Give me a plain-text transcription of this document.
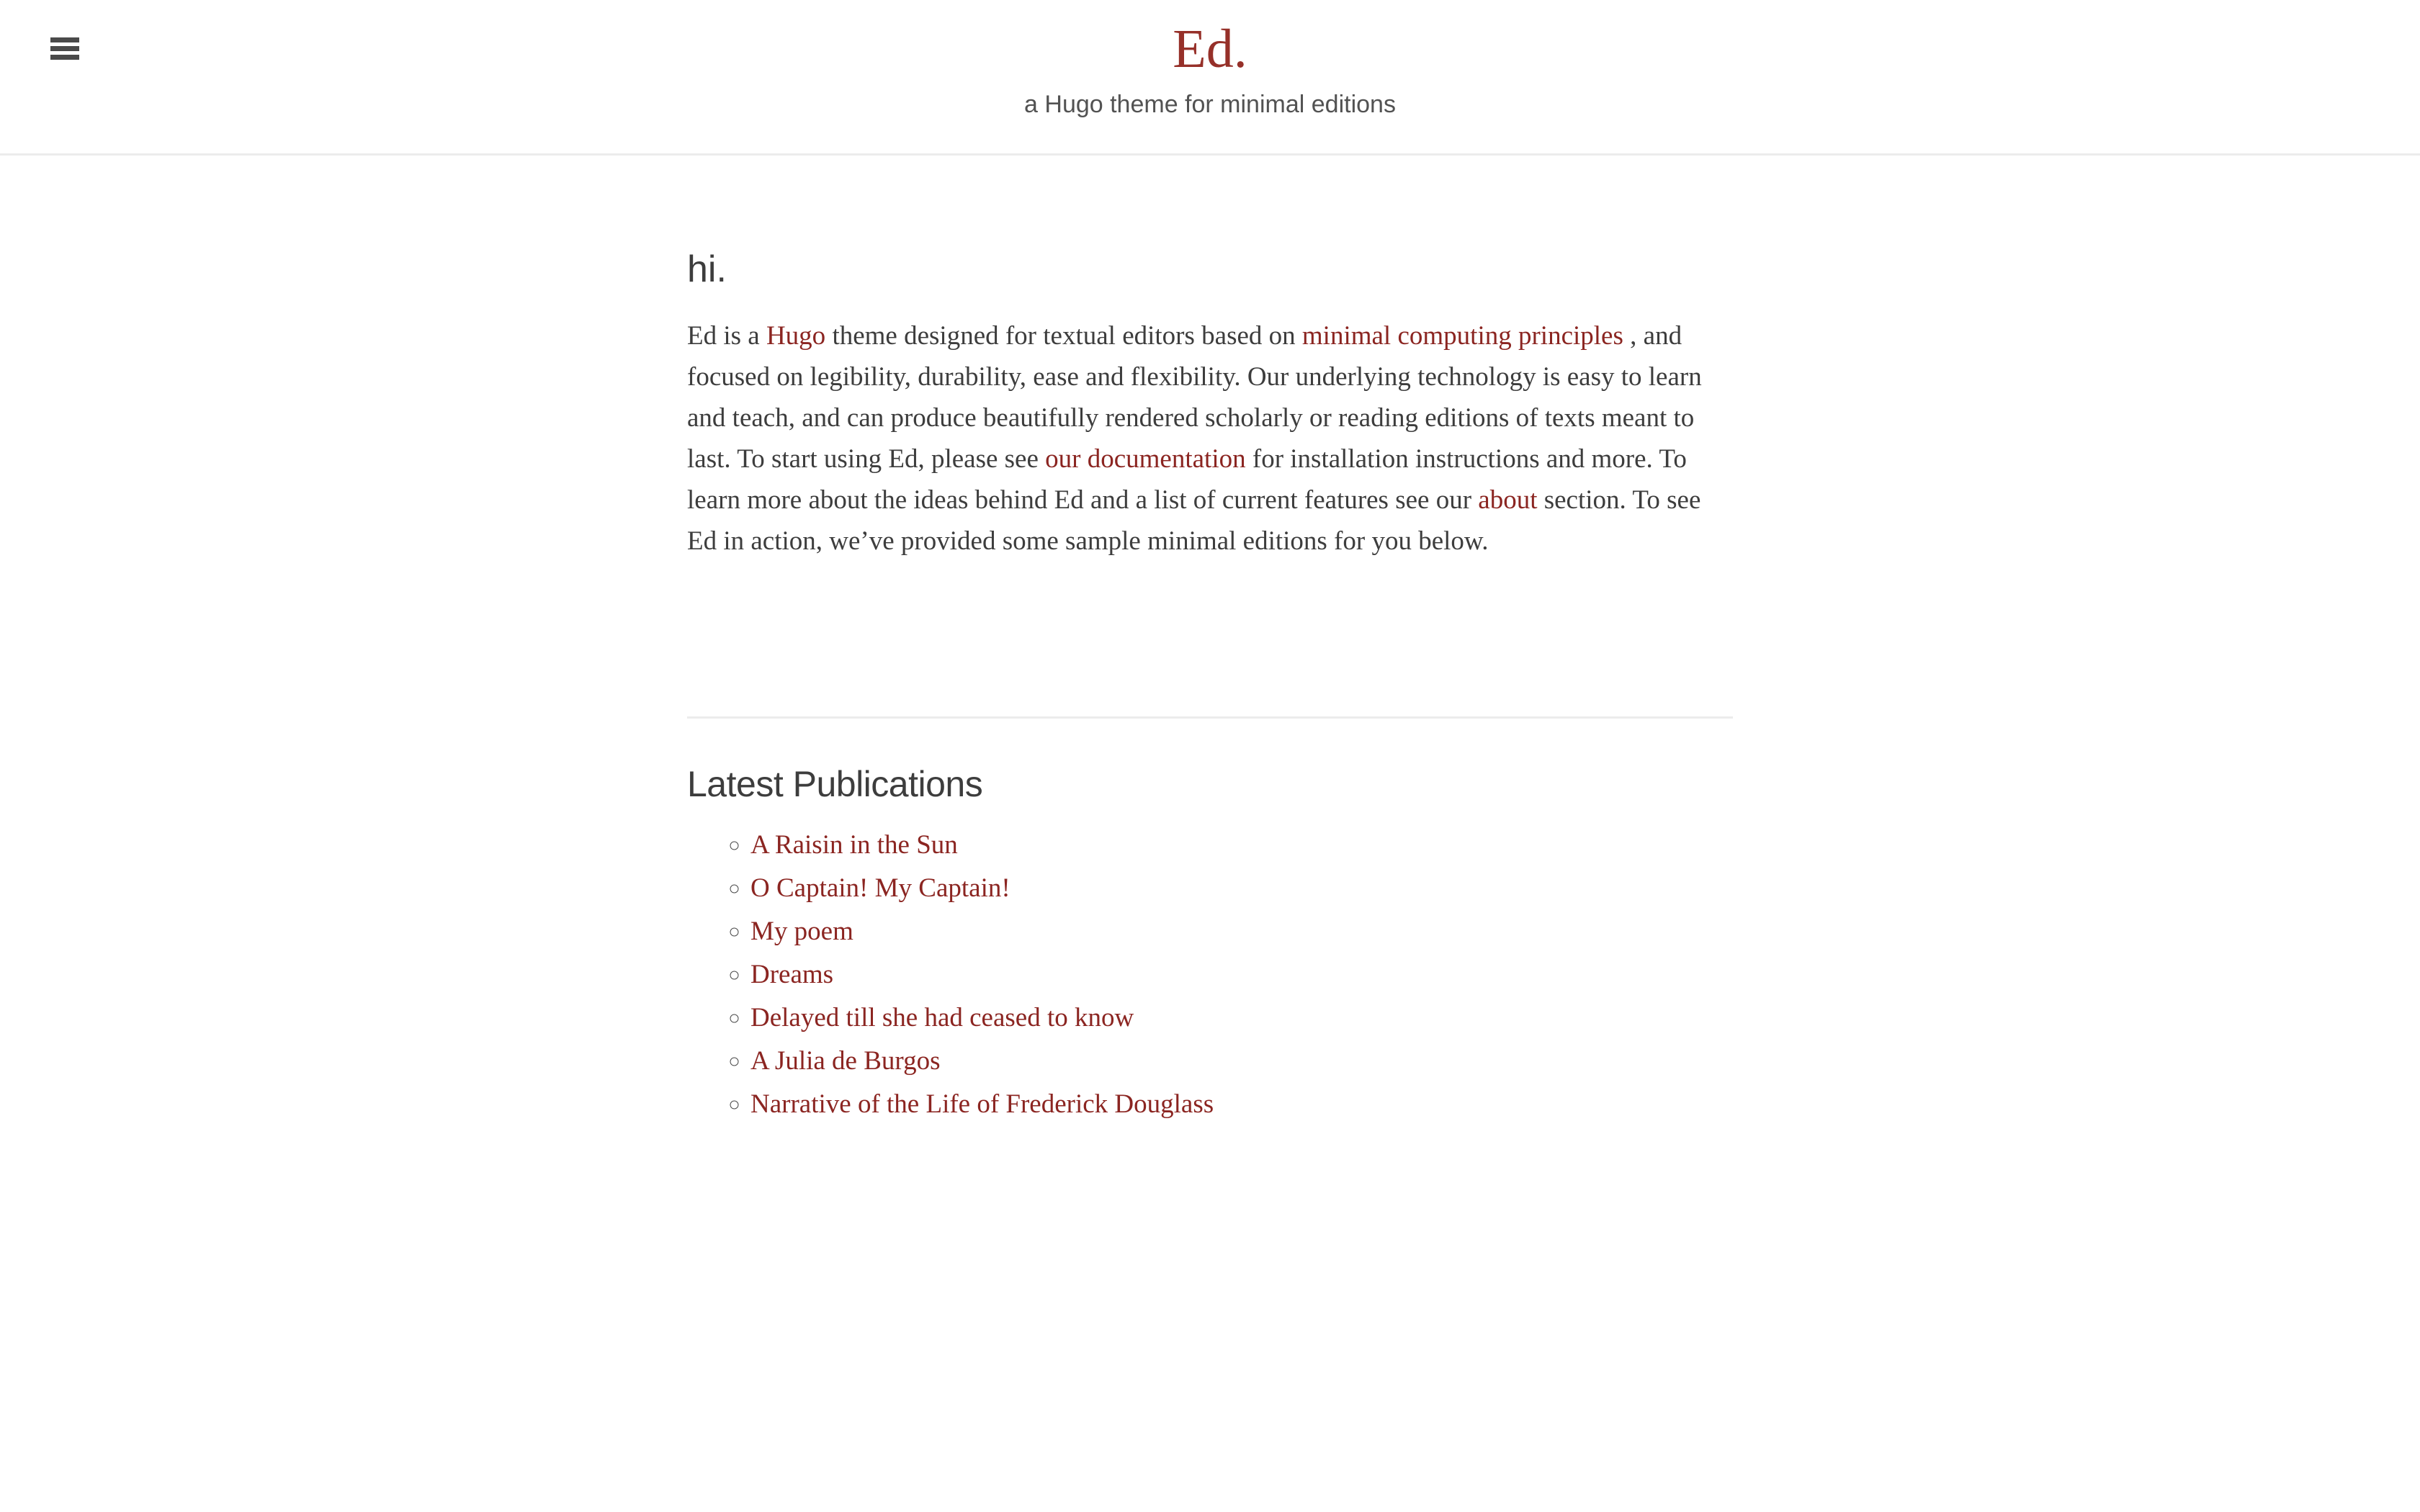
Ed.

a Hugo theme for minimal editions

hi.

Ed is a Hugo theme designed for textual editors based on minimal computing principles , and focused on legibility, durability, ease and flexibility. Our underlying technology is easy to learn and teach, and can produce beautifully rendered scholarly or reading editions of texts meant to last. To start using Ed, please see our documentation for installation instructions and more. To learn more about the ideas behind Ed and a list of current features see our about section. To see Ed in action, we’ve provided some sample minimal editions for you below.

Latest Publications
◦ A Raisin in the Sun
◦ O Captain! My Captain!
◦ My poem
◦ Dreams
◦ Delayed till she had ceased to know
◦ A Julia de Burgos
◦ Narrative of the Life of Frederick Douglass
